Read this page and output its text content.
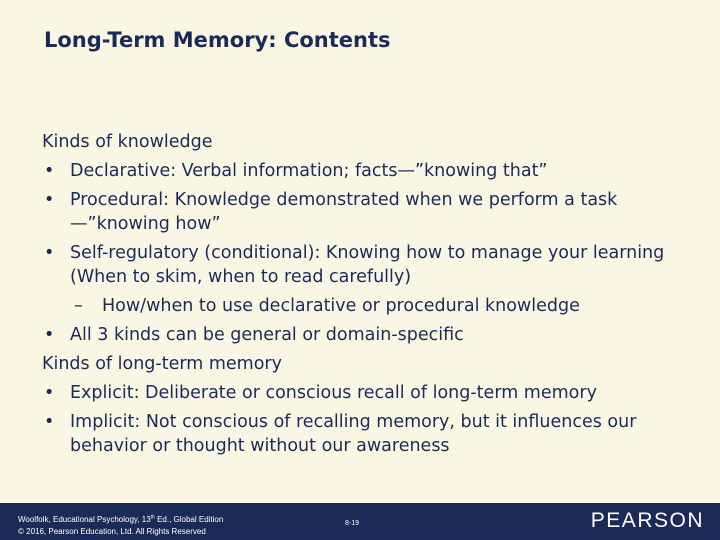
Long-Term Memory: Contents

Kinds of knowledge

• Declarative: Verbal information; facts—”knowing that”

• Procedural: Knowledge demonstrated when we perform a task—”knowing how”

• Self-regulatory (conditional): Knowing how to manage your learning (When to skim, when to read carefully)

– How/when to use declarative or procedural knowledge

• All 3 kinds can be general or domain-specific

Kinds of long-term memory

• Explicit: Deliberate or conscious recall of long-term memory

• Implicit: Not conscious of recalling memory, but it influences our behavior or thought without our awareness

Woolfolk, Educational Psychology, 13th Ed., Global Edition
© 2016, Pearson Education, Ltd. All Rights Reserved
8-19	PEARSON
